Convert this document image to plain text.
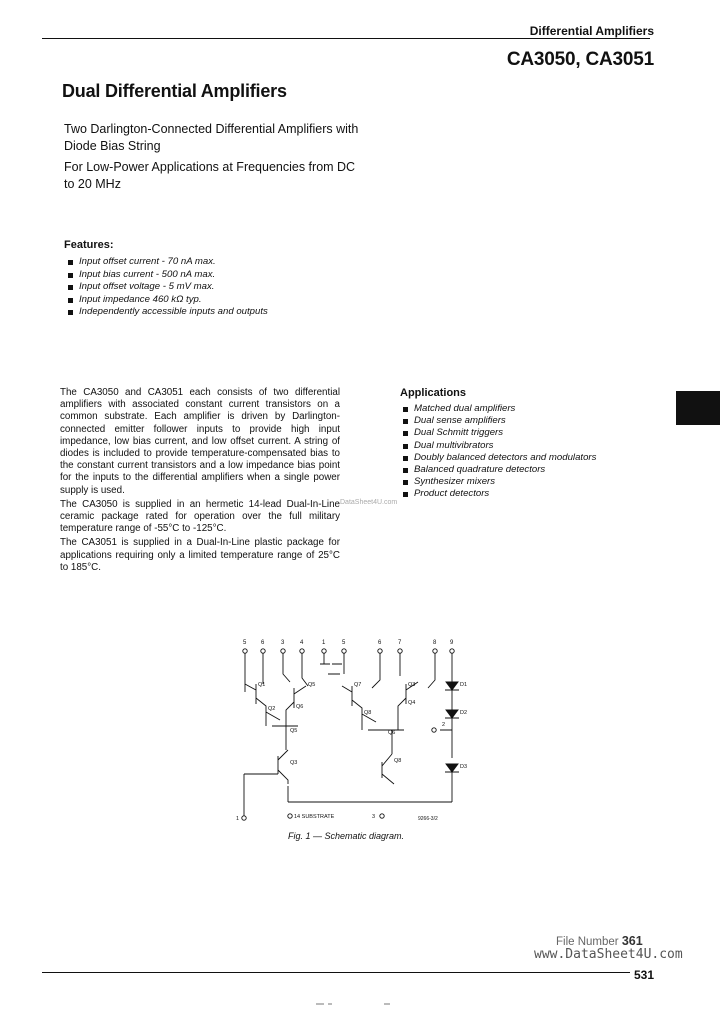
Differential Amplifiers
CA3050, CA3051
Dual Differential Amplifiers

Two Darlington-Connected Differential Amplifiers with Diode Bias String

For Low-Power Applications at Frequencies from DC to 20 MHz

Features:
Input offset current - 70 nA max.
Input bias current - 500 nA max.
Input offset voltage - 5 mV max.
Input impedance 460 kΩ typ.
Independently accessible inputs and outputs

The CA3050 and CA3051 each consists of two differential amplifiers with associated constant current transistors on a common substrate. Each amplifier is driven by Darlington-connected emitter follower inputs to provide high input impedance, low bias current, and low offset current. A string of diodes is included to provide temperature-compensated bias to the constant current transistors and a low impedance bias point for the inputs to the differential amplifiers when a single power supply is used.

The CA3050 is supplied in an hermetic 14-lead Dual-In-Line ceramic package rated for operation over the full military temperature range of -55°C to -125°C.

The CA3051 is supplied in a Dual-In-Line plastic package for applications requiring only a limited temperature range of 25°C to 185°C.

DataSheet4U.com
Applications
Matched dual amplifiers
Dual sense amplifiers
Dual Schmitt triggers
Dual multivibrators
Doubly balanced detectors and modulators
Balanced quadrature detectors
Synthesizer mixers
Product detectors
5 6	3	4	1	5	6	7	8 9
Q1
Q2
Q5
Q6
Q7
Q8
Q3
Q4
Q5	Q6
Q3	Q8
D1
D2
D3
2
1	14 SUBSTRATE	3	9266-3/2
Fig. 1 — Schematic diagram.
File Number 361
www.DataSheet4U.com
531
